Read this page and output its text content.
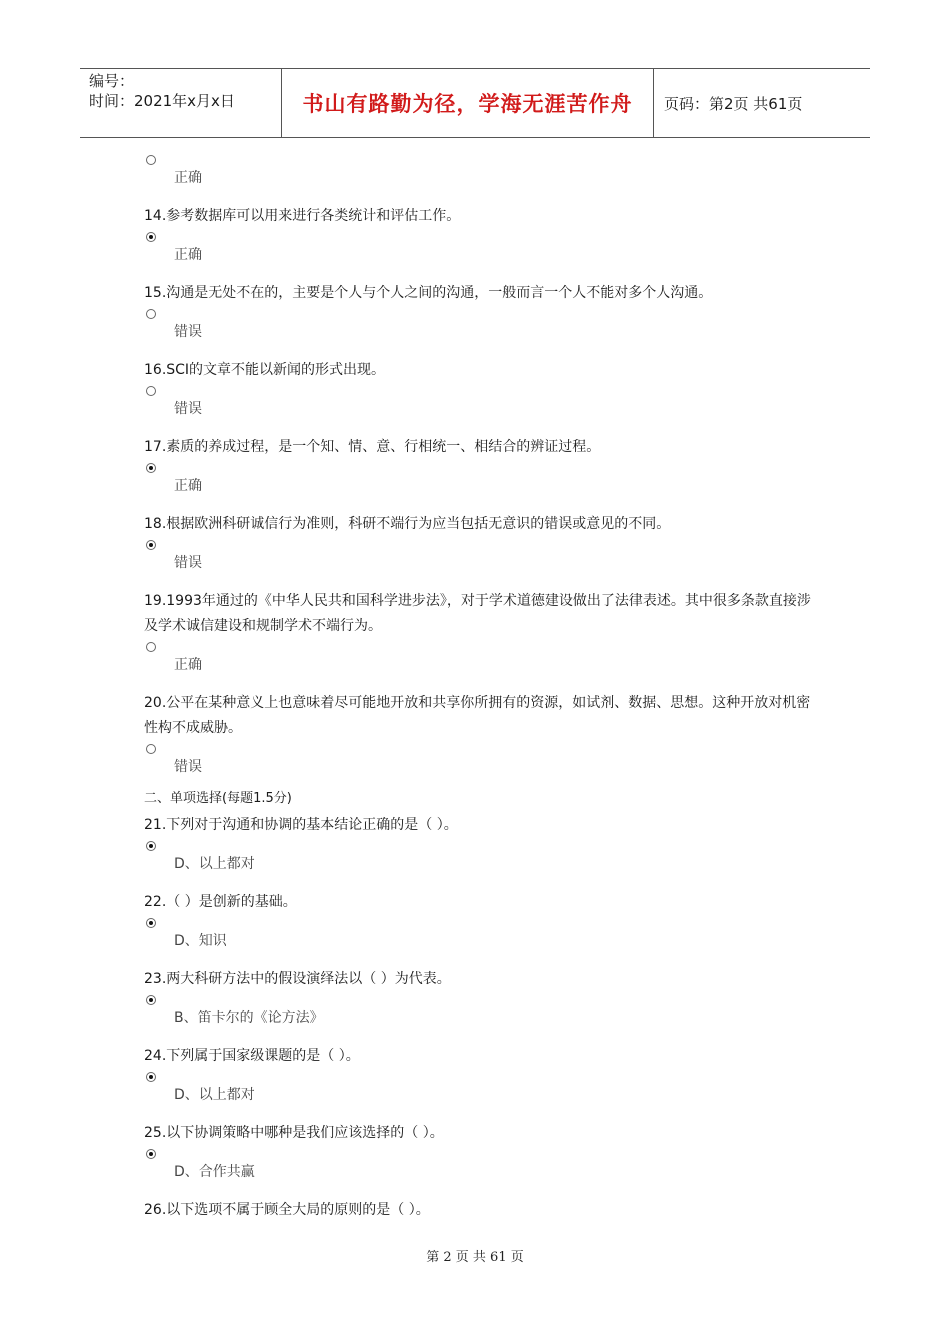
编号：
时间：2021年x月x日	书山有路勤为径，学海无涯苦作舟 页码：第2页 共61页
正确

14.参考数据库可以用来进行各类统计和评估工作。

正确

15.沟通是无处不在的，主要是个人与个人之间的沟通，一般而言一个人不能对多个人沟通。

错误

16.SCI的文章不能以新闻的形式出现。

错误

17.素质的养成过程，是一个知、情、意、行相统一、相结合的辨证过程。

正确

18.根据欧洲科研诚信行为准则，科研不端行为应当包括无意识的错误或意见的不同。

错误

19.1993年通过的《中华人民共和国科学进步法》，对于学术道德建设做出了法律表述。其中很多条款直接涉及学术诚信建设和规制学术不端行为。

正确

20.公平在某种意义上也意味着尽可能地开放和共享你所拥有的资源，如试剂、数据、思想。这种开放对机密性构不成威胁。

错误
二、单项选择(每题1.5分)

21.下列对于沟通和协调的基本结论正确的是（ ）。

D、以上都对

22.（ ）是创新的基础。

D、知识

23.两大科研方法中的假设演绎法以（ ）为代表。

B、笛卡尔的《论方法》

24.下列属于国家级课题的是（ ）。

D、以上都对

25.以下协调策略中哪种是我们应该选择的（ ）。

D、合作共赢

26.以下选项不属于顾全大局的原则的是（ ）。

第 2 页 共 61 页
